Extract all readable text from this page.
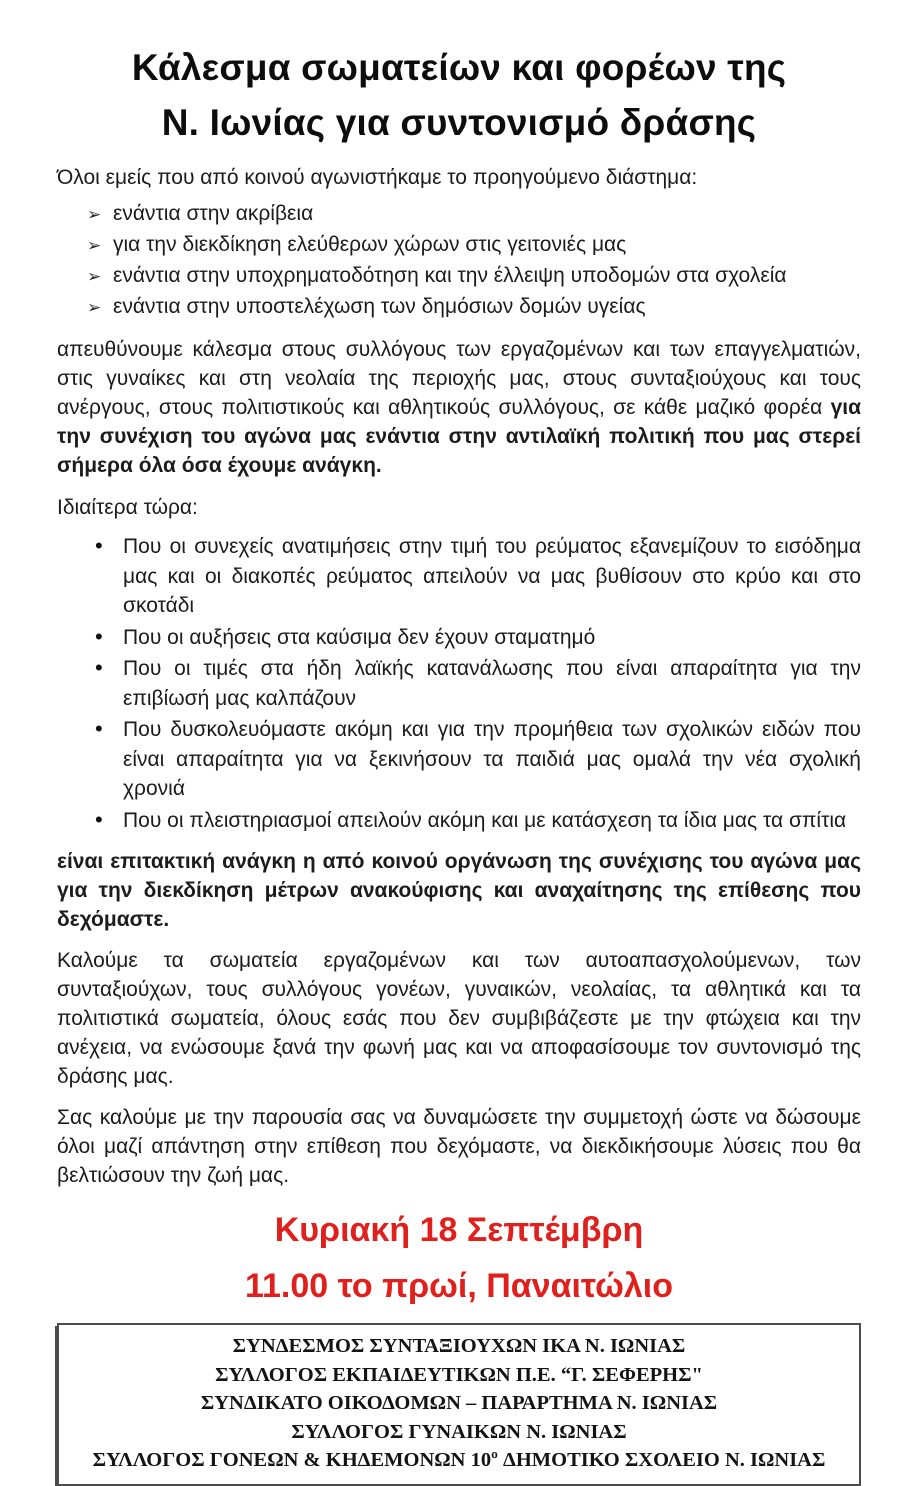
Κάλεσμα σωματείων και φορέων της
Ν. Ιωνίας για συντονισμό δράσης
Όλοι εμείς που από κοινού αγωνιστήκαμε το προηγούμενο διάστημα:
➢ ενάντια στην ακρίβεια
➢ για την διεκδίκηση ελεύθερων χώρων στις γειτονιές μας
➢ ενάντια στην υποχρηματοδότηση και την έλλειψη υποδομών στα σχολεία
➢ ενάντια στην υποστελέχωση των δημόσιων δομών υγείας
απευθύνουμε κάλεσμα στους συλλόγους των εργαζομένων και των επαγγελματιών, στις γυναίκες και στη νεολαία της περιοχής μας, στους συνταξιούχους και τους ανέργους, στους πολιτιστικούς και αθλητικούς συλλόγους, σε κάθε μαζικό φορέα για την συνέχιση του αγώνα μας ενάντια στην αντιλαϊκή πολιτική που μας στερεί σήμερα όλα όσα έχουμε ανάγκη.
Ιδιαίτερα τώρα:
• Που οι συνεχείς ανατιμήσεις στην τιμή του ρεύματος εξανεμίζουν το εισόδημα μας και οι διακοπές ρεύματος απειλούν να μας βυθίσουν στο κρύο και στο σκοτάδι
• Που οι αυξήσεις στα καύσιμα δεν έχουν σταματημό
• Που οι τιμές στα ήδη λαϊκής κατανάλωσης που είναι απαραίτητα για την επιβίωσή μας καλπάζουν
• Που δυσκολευόμαστε ακόμη και για την προμήθεια των σχολικών ειδών που είναι απαραίτητα για να ξεκινήσουν τα παιδιά μας ομαλά την νέα σχολική χρονιά
• Που οι πλειστηριασμοί απειλούν ακόμη και με κατάσχεση τα ίδια μας τα σπίτια
είναι επιτακτική ανάγκη η από κοινού οργάνωση της συνέχισης του αγώνα μας για την διεκδίκηση μέτρων ανακούφισης και αναχαίτησης της επίθεσης που δεχόμαστε.
Καλούμε τα σωματεία εργαζομένων και των αυτοαπασχολούμενων, των συνταξιούχων, τους συλλόγους γονέων, γυναικών, νεολαίας, τα αθλητικά και τα πολιτιστικά σωματεία, όλους εσάς που δεν συμβιβάζεστε με την φτώχεια και την ανέχεια, να ενώσουμε ξανά την φωνή μας και να αποφασίσουμε τον συντονισμό της δράσης μας.
Σας καλούμε με την παρουσία σας να δυναμώσετε την συμμετοχή ώστε να δώσουμε όλοι μαζί απάντηση στην επίθεση που δεχόμαστε, να διεκδικήσουμε λύσεις που θα βελτιώσουν την ζωή μας.
Κυριακή 18 Σεπτέμβρη
11.00 το πρωί, Παναιτώλιο
ΣΥΝΔΕΣΜΟΣ ΣΥΝΤΑΞΙΟΥΧΩΝ ΙΚΑ Ν. ΙΩΝΙΑΣ
ΣΥΛΛΟΓΟΣ ΕΚΠΑΙΔΕΥΤΙΚΩΝ Π.Ε. “Γ. ΣΕΦΕΡΗΣ"
ΣΥΝΔΙΚΑΤΟ ΟΙΚΟΔΟΜΩΝ – ΠΑΡΑΡΤΗΜΑ Ν. ΙΩΝΙΑΣ
ΣΥΛΛΟΓΟΣ ΓΥΝΑΙΚΩΝ Ν. ΙΩΝΙΑΣ
ΣΥΛΛΟΓΟΣ ΓΟΝΕΩΝ & ΚΗΔΕΜΟΝΩΝ 10º ΔΗΜΟΤΙΚΟ ΣΧΟΛΕΙΟ Ν. ΙΩΝΙΑΣ
